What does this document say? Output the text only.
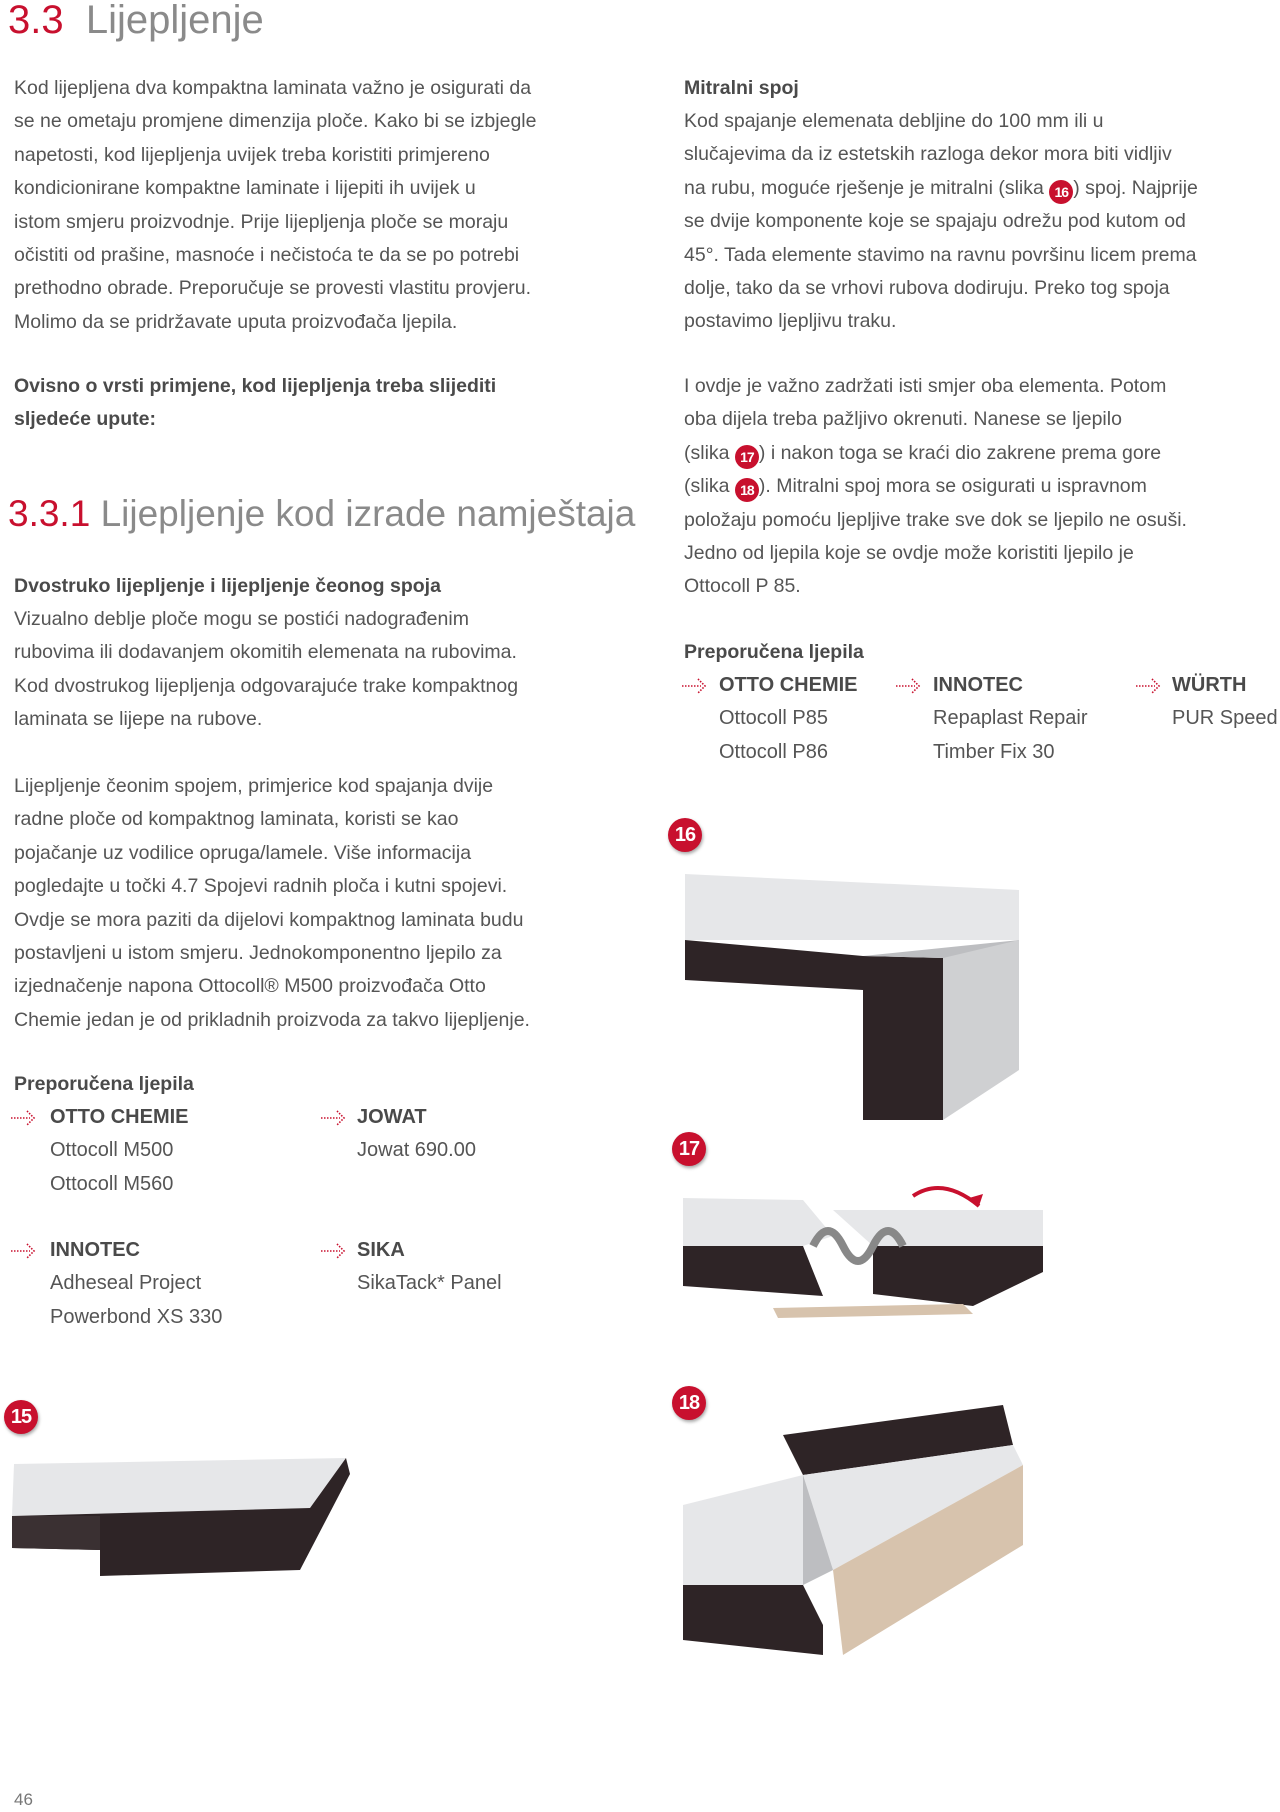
3.3 Lijepljenje
Kod lijepljena dva kompaktna laminata važno je osigurati da
se ne ometaju promjene dimenzija ploče. Kako bi se izbjegle
napetosti, kod lijepljenja uvijek treba koristiti primjereno
kondicionirane kompaktne laminate i lijepiti ih uvijek u
istom smjeru proizvodnje. Prije lijepljenja ploče se moraju
očistiti od prašine, masnoće i nečistoća te da se po potrebi
prethodno obrade. Preporučuje se provesti vlastitu provjeru.
Molimo da se pridržavate uputa proizvođača ljepila.
Ovisno o vrsti primjene, kod lijepljenja treba slijediti
sljedeće upute:
3.3.1 Lijepljenje kod izrade namještaja
Dvostruko lijepljenje i lijepljenje čeonog spoja
Vizualno deblje ploče mogu se postići nadograđenim
rubovima ili dodavanjem okomitih elemenata na rubovima.
Kod dvostrukog lijepljenja odgovarajuće trake kompaktnog
laminata se lijepe na rubove.
Lijepljenje čeonim spojem, primjerice kod spajanja dvije
radne ploče od kompaktnog laminata, koristi se kao
pojačanje uz vodilice opruga/lamele. Više informacija
pogledajte u točki 4.7 Spojevi radnih ploča i kutni spojevi.
Ovdje se mora paziti da dijelovi kompaktnog laminata budu
postavljeni u istom smjeru. Jednokomponentno ljepilo za
izjednačenje napona Ottocoll® M500 proizvođača Otto
Chemie jedan je od prikladnih proizvoda za takvo lijepljenje.
Preporučena ljepila
OTTO CHEMIE
Ottocoll M500
Ottocoll M560
JOWAT
Jowat 690.00
INNOTEC
Adheseal Project
Powerbond XS 330
SIKA
SikaTack* Panel
Mitralni spoj
Kod spajanje elemenata debljine do 100 mm ili u
slučajevima da iz estetskih razloga dekor mora biti vidljiv
na rubu, moguće rješenje je mitralni (slika 16 ) spoj. Najprije
se dvije komponente koje se spajaju odrežu pod kutom od
45°. Tada elemente stavimo na ravnu površinu licem prema
dolje, tako da se vrhovi rubova dodiruju. Preko tog spoja
postavimo ljepljivu traku.
I ovdje je važno zadržati isti smjer oba elementa. Potom
oba dijela treba pažljivo okrenuti. Nanese se ljepilo
(slika 17 ) i nakon toga se kraći dio zakrene prema gore
(slika 18 ). Mitralni spoj mora se osigurati u ispravnom
položaju pomoću ljepljive trake sve dok se ljepilo ne osuši.
Jedno od ljepila koje se ovdje može koristiti ljepilo je
Ottocoll P 85.
Preporučena ljepila
OTTO CHEMIE
Ottocoll P85
Ottocoll P86
INNOTEC
Repaplast Repair
Timber Fix 30
WÜRTH
PUR Speed
15
16
17
18
46
